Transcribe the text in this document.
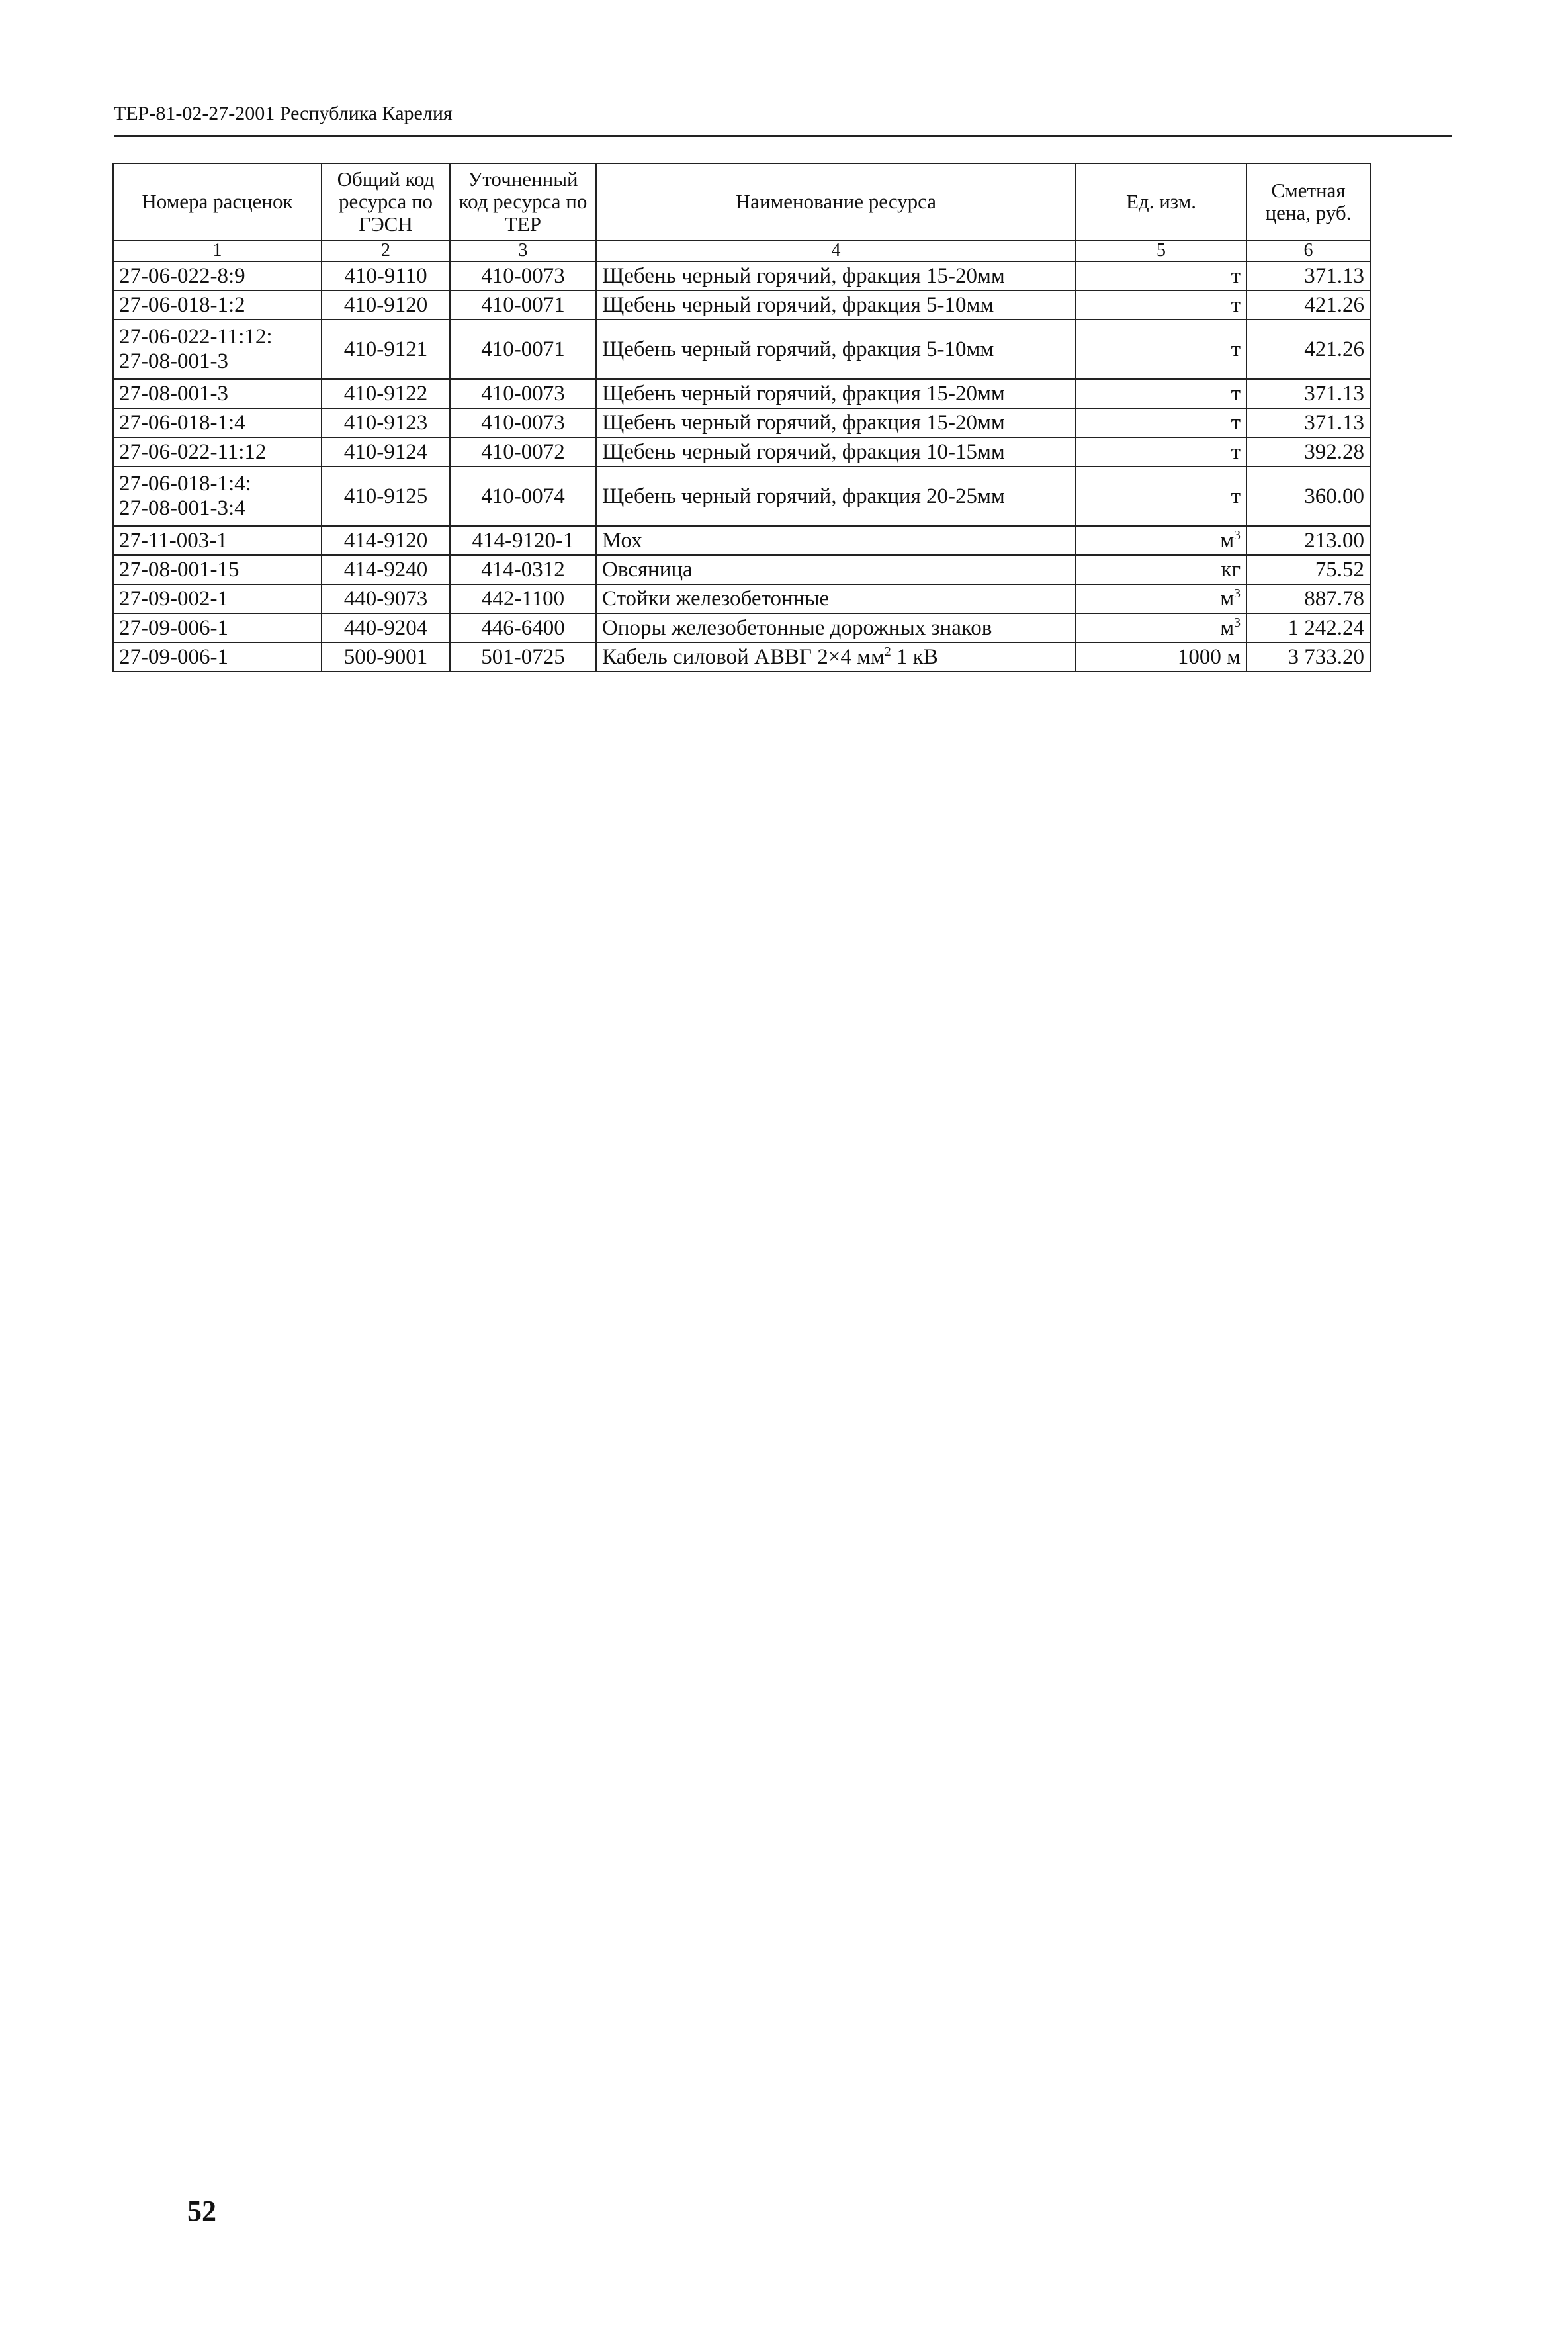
ТЕР-81-02-27-2001 Республика Карелия
Номера расценок	Общий код ресурса по ГЭСН	Уточненный код ресурса по ТЕР	Наименование ресурса	Ед. изм.	Сметная цена, руб.
1	2	3	4	5	6

27-06-022-8:9	410-9110	410-0073	Щебень черный горячий, фракция 15-20мм	т	371.13

27-06-018-1:2	410-9120	410-0071	Щебень черный горячий, фракция 5-10мм	т	421.26

27-06-022-11:12:
27-08-001-3	410-9121	410-0071	Щебень черный горячий, фракция 5-10мм	т	421.26

27-08-001-3	410-9122	410-0073	Щебень черный горячий, фракция 15-20мм	т	371.13

27-06-018-1:4	410-9123	410-0073	Щебень черный горячий, фракция 15-20мм	т	371.13

27-06-022-11:12	410-9124	410-0072	Щебень черный горячий, фракция 10-15мм	т	392.28

27-06-018-1:4:
27-08-001-3:4	410-9125	410-0074	Щебень черный горячий, фракция 20-25мм	т	360.00

27-11-003-1	414-9120	414-9120-1	Мох	$м^3$	213.00

27-08-001-15	414-9240	414-0312	Овсяница	кг	75.52

27-09-002-1	440-9073	442-1100	Стойки железобетонные	$м^3$	887.78

27-09-006-1	440-9204	446-6400	Опоры железобетонные дорожных знаков	$м^3$	1 242.24

27-09-006-1	500-9001	501-0725	Кабель силовой АВВГ 2×4 $мм^2$ 1 кВ	1000 м	3 733.20
52
